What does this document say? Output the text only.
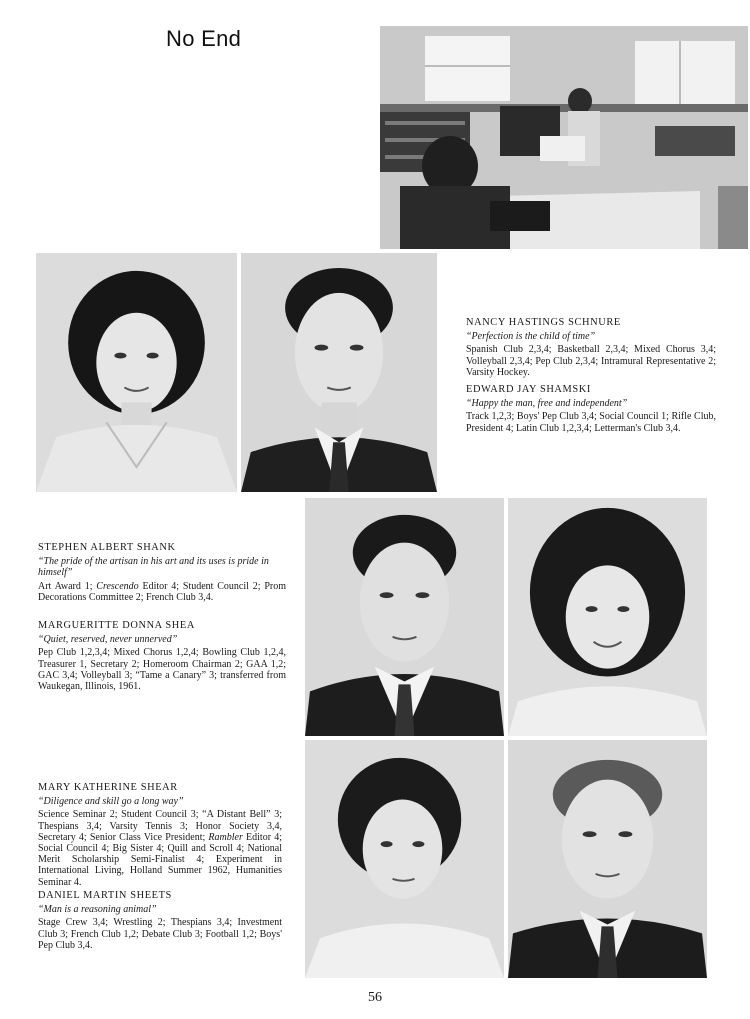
No End
NANCY HASTINGS SCHNURE
“Perfection is the child of time”
Spanish Club 2,3,4; Basketball 2,3,4; Mixed Chorus 3,4; Volleyball 2,3,4; Pep Club 2,3,4; Intramural Representative 2; Varsity Hockey.
EDWARD JAY SHAMSKI
“Happy the man, free and independent”
Track 1,2,3; Boys' Pep Club 3,4; Social Council 1; Rifle Club, President 4; Latin Club 1,2,3,4; Letterman's Club 3,4.
STEPHEN ALBERT SHANK
“The pride of the artisan in his art and its uses is pride in himself”
Art Award 1; Crescendo Editor 4; Student Council 2; Prom Decorations Committee 2; French Club 3,4.
MARGUERITTE DONNA SHEA
“Quiet, reserved, never unnerved”
Pep Club 1,2,3,4; Mixed Chorus 1,2,4; Bowling Club 1,2,4, Treasurer 1, Secretary 2; Homeroom Chairman 2; GAA 1,2; GAC 3,4; Volleyball 3; “Tame a Canary” 3; transferred from Waukegan, Illinois, 1961.
MARY KATHERINE SHEAR
“Diligence and skill go a long way”
Science Seminar 2; Student Council 3; “A Distant Bell” 3; Thespians 3,4; Varsity Tennis 3; Honor Society 3,4, Secretary 4; Senior Class Vice President; Rambler Editor 4; Social Council 4; Big Sister 4; Quill and Scroll 4; National Merit Scholarship Semi-Finalist 4; Experiment in International Living, Holland Summer 1962, Humanities Seminar 4.
DANIEL MARTIN SHEETS
“Man is a reasoning animal”
Stage Crew 3,4; Wrestling 2; Thespians 3,4; Investment Club 3; French Club 1,2; Debate Club 3; Football 1,2; Boys' Pep Club 3,4.
56
